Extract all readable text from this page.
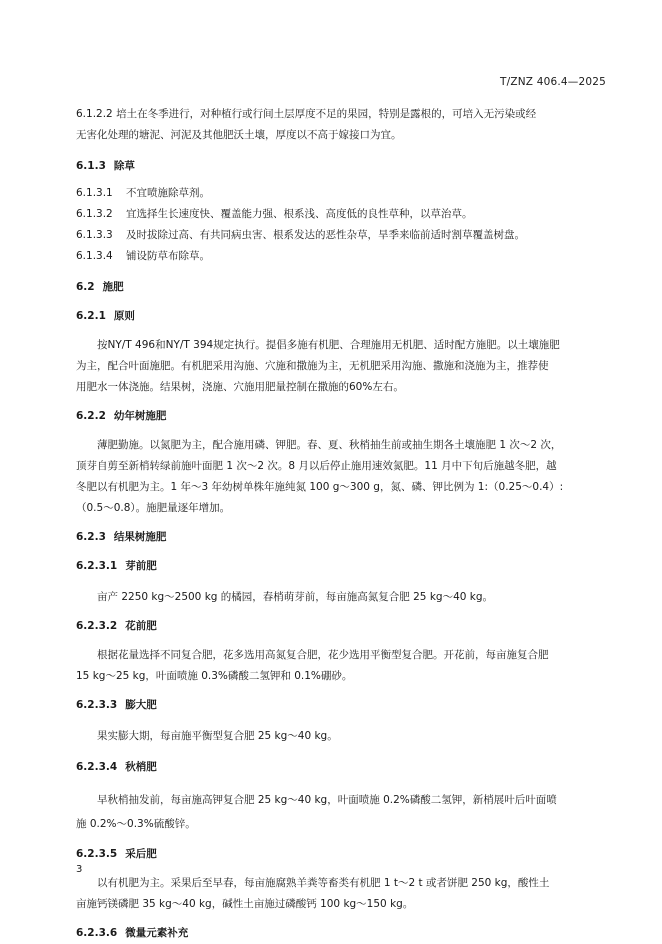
T/ZNZ 406.4—2025
6.1.2.2 培土在冬季进行，对种植行或行间土层厚度不足的果园，特别是露根的，可培入无污染或经
无害化处理的塘泥、河泥及其他肥沃土壤，厚度以不高于嫁接口为宜。
6.1.3 除草
6.1.3.1 不宜喷施除草剂。
6.1.3.2 宜选择生长速度快、覆盖能力强、根系浅、高度低的良性草种，以草治草。
6.1.3.3 及时拔除过高、有共同病虫害、根系发达的恶性杂草，旱季来临前适时割草覆盖树盘。
6.1.3.4 铺设防草布除草。
6.2 施肥
6.2.1 原则
按NY/T 496和NY/T 394规定执行。提倡多施有机肥、合理施用无机肥、适时配方施肥。以土壤施肥
为主，配合叶面施肥。有机肥采用沟施、穴施和撒施为主，无机肥采用沟施、撒施和浇施为主，推荐使
用肥水一体浇施。结果树，浇施、穴施用肥量控制在撒施的60%左右。
6.2.2 幼年树施肥
薄肥勤施。以氮肥为主，配合施用磷、钾肥。春、夏、秋梢抽生前或抽生期各土壤施肥 1 次～2 次，
顶芽自剪至新梢转绿前施叶面肥 1 次～2 次。8 月以后停止施用速效氮肥。11 月中下旬后施越冬肥，越
冬肥以有机肥为主。1 年～3 年幼树单株年施纯氮 100 g～300 g，氮、磷、钾比例为 1:（0.25～0.4）:
（0.5～0.8）。施肥量逐年增加。
6.2.3 结果树施肥
6.2.3.1 芽前肥
亩产 2250 kg～2500 kg 的橘园，春梢萌芽前，每亩施高氮复合肥 25 kg～40 kg。
6.2.3.2 花前肥
根据花量选择不同复合肥，花多选用高氮复合肥，花少选用平衡型复合肥。开花前，每亩施复合肥
15 kg～25 kg，叶面喷施 0.3%磷酸二氢钾和 0.1%硼砂。
6.2.3.3 膨大肥
果实膨大期，每亩施平衡型复合肥 25 kg～40 kg。
6.2.3.4 秋梢肥
早秋梢抽发前，每亩施高钾复合肥 25 kg～40 kg，叶面喷施 0.2%磷酸二氢钾，新梢展叶后叶面喷
施 0.2%～0.3%硫酸锌。
6.2.3.5 采后肥
以有机肥为主。采果后至早春，每亩施腐熟羊粪等畜类有机肥 1 t～2 t 或者饼肥 250 kg，酸性土
亩施钙镁磷肥 35 kg～40 kg，碱性土亩施过磷酸钙 100 kg～150 kg。
6.2.3.6 微量元素补充
3
